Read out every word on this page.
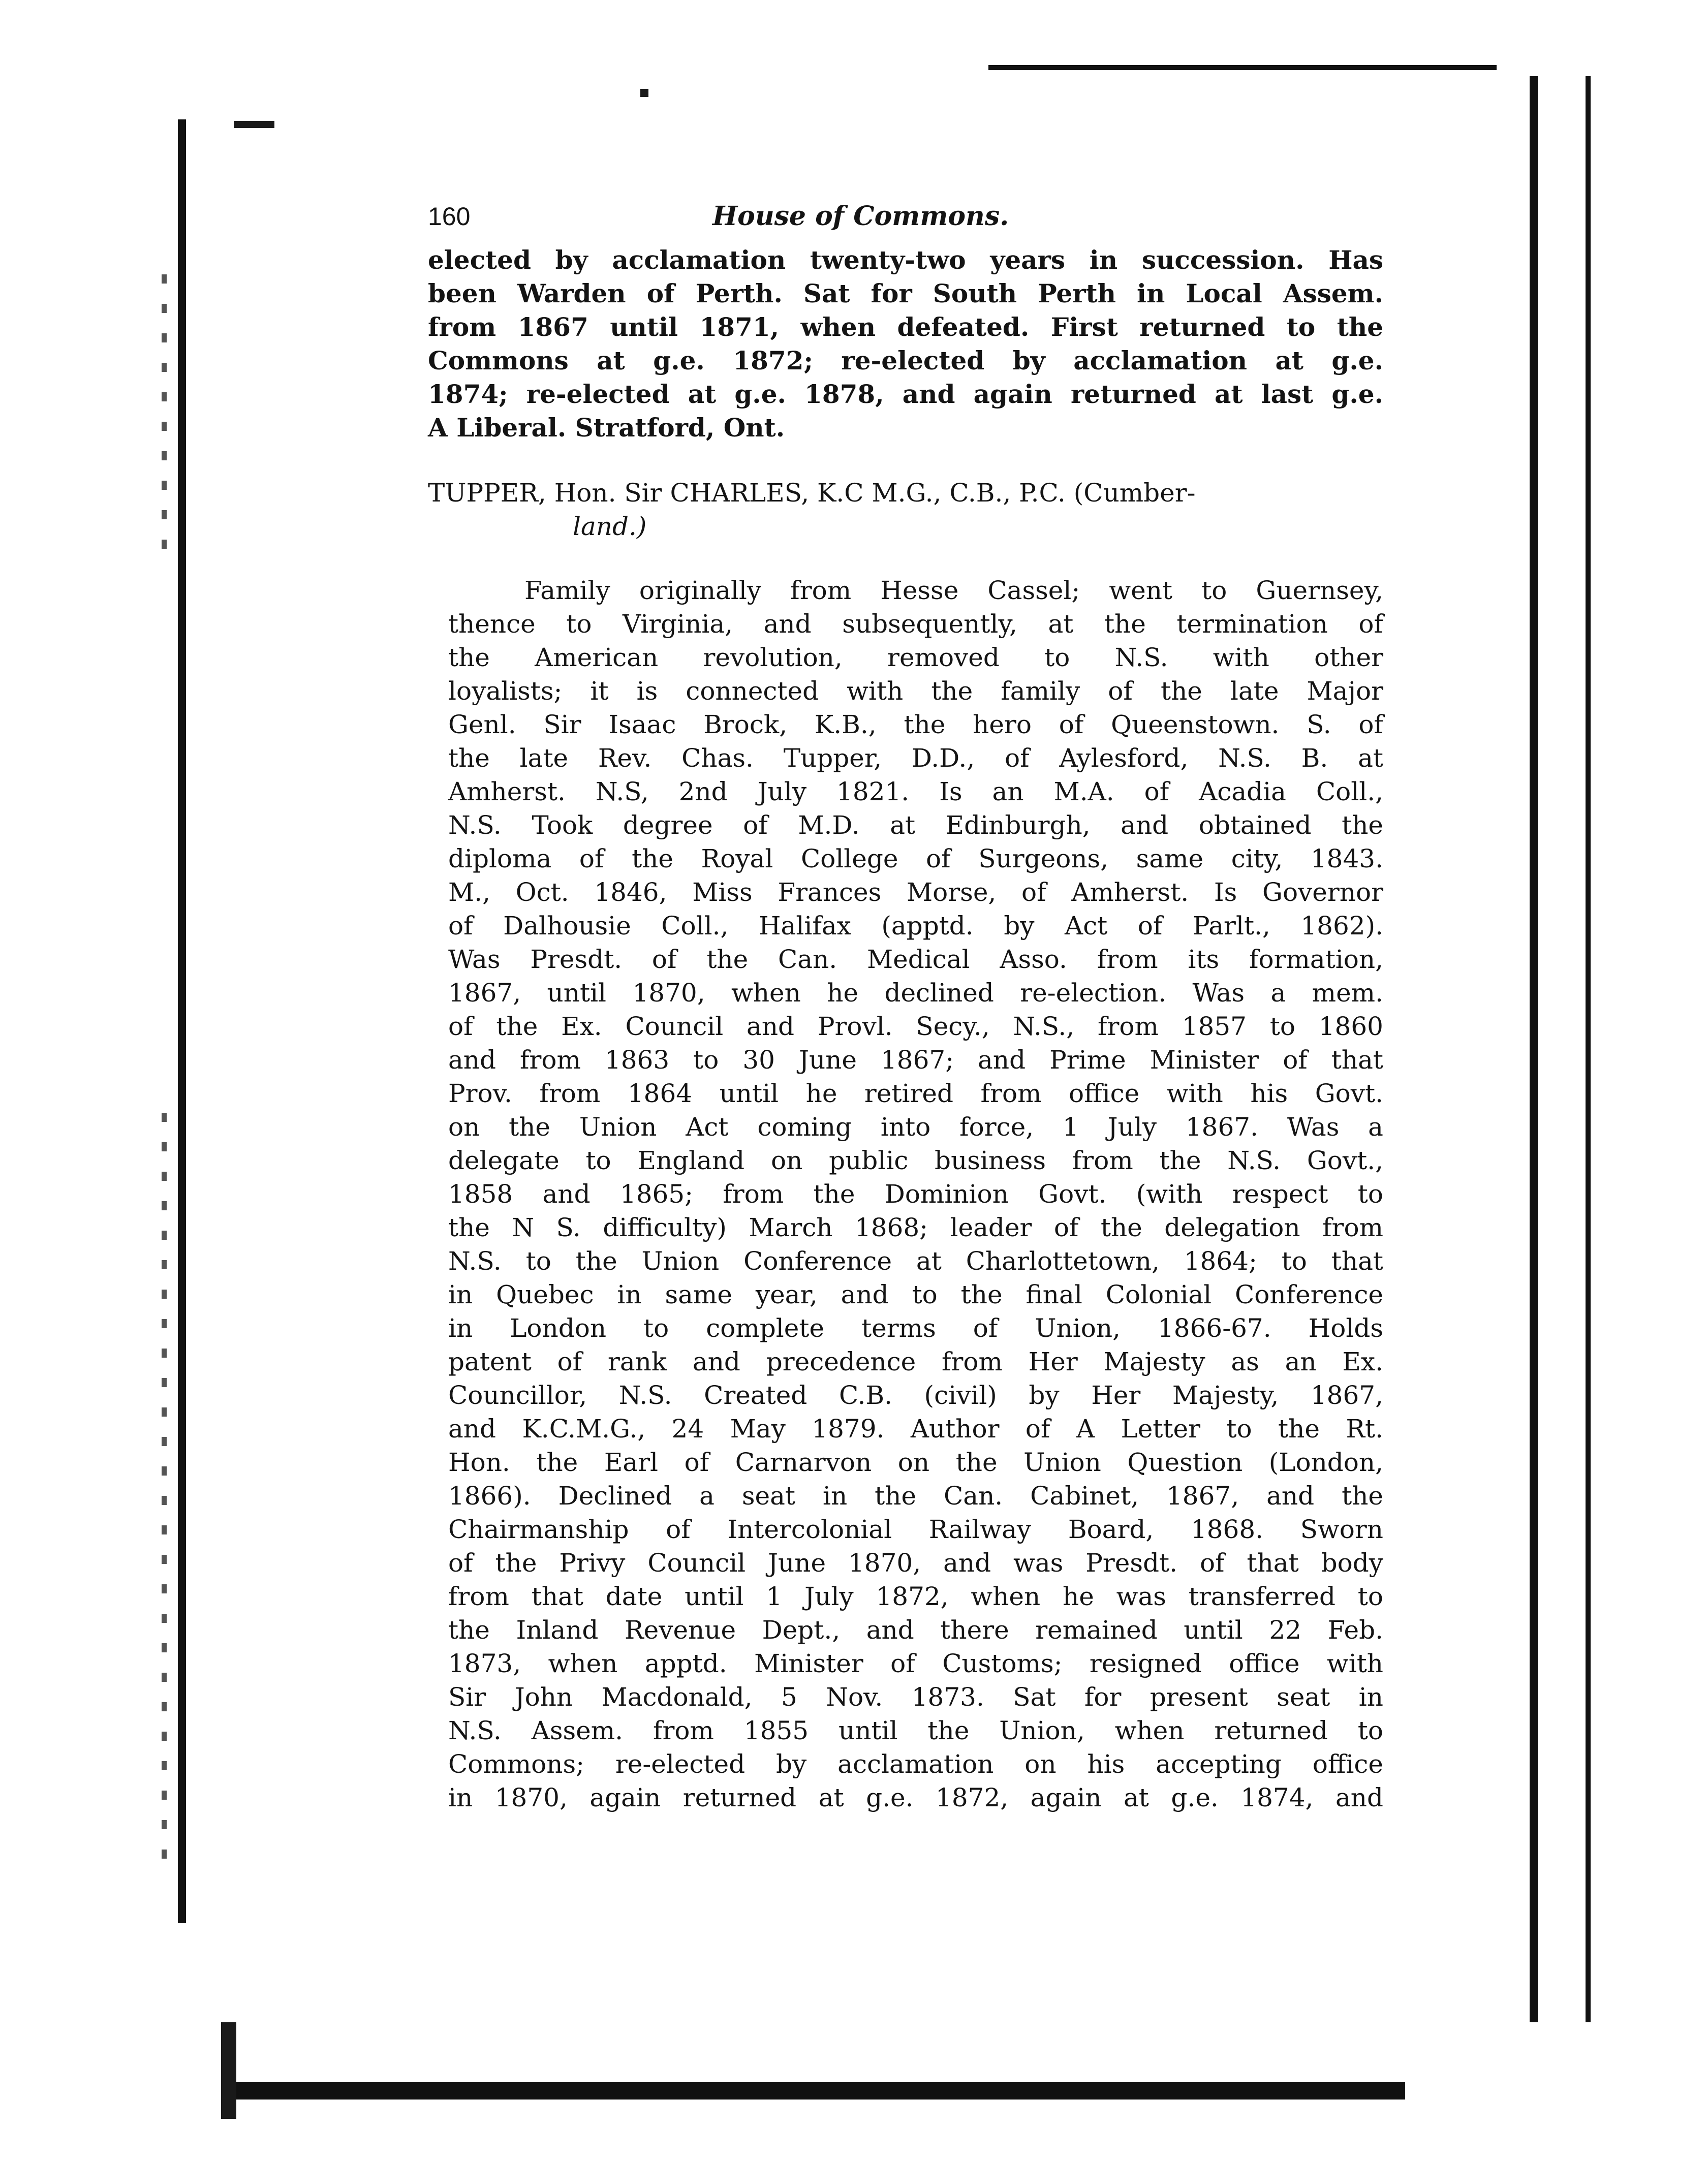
160	House of Commons.
elected by acclamation twenty-two years in succession. Has
been Warden of Perth. Sat for South Perth in Local Assem.
from 1867 until 1871, when defeated. First returned to the
Commons at g.e. 1872; re-elected by acclamation at g.e.
1874; re-elected at g.e. 1878, and again returned at last g.e.
A Liberal. Stratford, Ont.
TUPPER, Hon. Sir CHARLES, K.C M.G., C.B., P.C. (Cumber-
land.)
Family originally from Hesse Cassel; went to Guernsey,
thence to Virginia, and subsequently, at the termination of
the American revolution, removed to N.S. with other
loyalists; it is connected with the family of the late Major
Genl. Sir Isaac Brock, K.B., the hero of Queenstown. S. of
the late Rev. Chas. Tupper, D.D., of Aylesford, N.S. B. at
Amherst. N.S, 2nd July 1821. Is an M.A. of Acadia Coll.,
N.S. Took degree of M.D. at Edinburgh, and obtained the
diploma of the Royal College of Surgeons, same city, 1843.
M., Oct. 1846, Miss Frances Morse, of Amherst. Is Governor
of Dalhousie Coll., Halifax (apptd. by Act of Parlt., 1862).
Was Presdt. of the Can. Medical Asso. from its formation,
1867, until 1870, when he declined re-election. Was a mem.
of the Ex. Council and Provl. Secy., N.S., from 1857 to 1860
and from 1863 to 30 June 1867; and Prime Minister of that
Prov. from 1864 until he retired from office with his Govt.
on the Union Act coming into force, 1 July 1867. Was a
delegate to England on public business from the N.S. Govt.,
1858 and 1865; from the Dominion Govt. (with respect to
the N S. difficulty) March 1868; leader of the delegation from
N.S. to the Union Conference at Charlottetown, 1864; to that
in Quebec in same year, and to the final Colonial Conference
in London to complete terms of Union, 1866-67. Holds
patent of rank and precedence from Her Majesty as an Ex.
Councillor, N.S. Created C.B. (civil) by Her Majesty, 1867,
and K.C.M.G., 24 May 1879. Author of A Letter to the Rt.
Hon. the Earl of Carnarvon on the Union Question (London,
1866). Declined a seat in the Can. Cabinet, 1867, and the
Chairmanship of Intercolonial Railway Board, 1868. Sworn
of the Privy Council June 1870, and was Presdt. of that body
from that date until 1 July 1872, when he was transferred to
the Inland Revenue Dept., and there remained until 22 Feb.
1873, when apptd. Minister of Customs; resigned office with
Sir John Macdonald, 5 Nov. 1873. Sat for present seat in
N.S. Assem. from 1855 until the Union, when returned to
Commons; re-elected by acclamation on his accepting office
in 1870, again returned at g.e. 1872, again at g.e. 1874, and
